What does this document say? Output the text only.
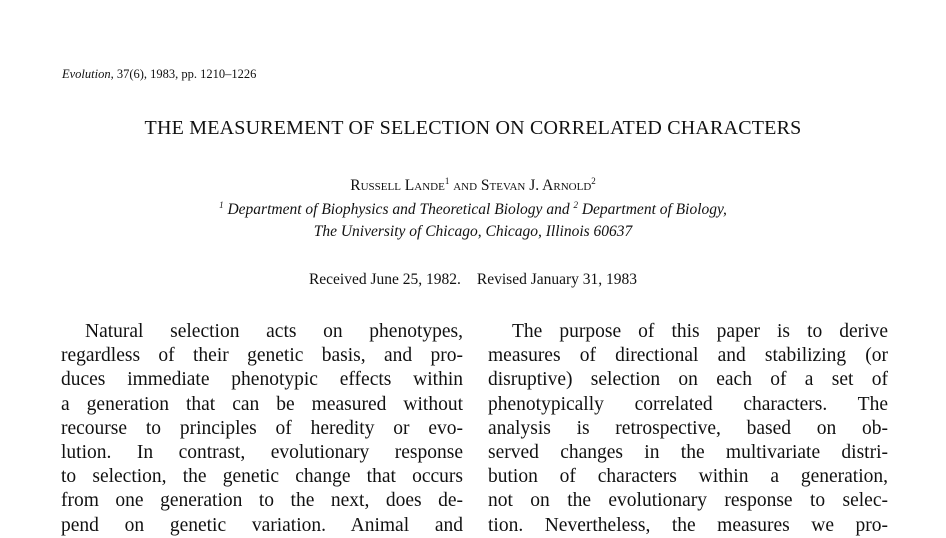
Evolution, 37(6), 1983, pp. 1210–1226
THE MEASUREMENT OF SELECTION ON CORRELATED CHARACTERS
Russell Lande$^1$ and Stevan J. Arnold$^2$
$^1$ Department of Biophysics and Theoretical Biology and $^2$ Department of Biology,
The University of Chicago, Chicago, Illinois 60637
Received June 25, 1982. Revised January 31, 1983
Natural selection acts on phenotypes,
regardless of their genetic basis, and pro-
duces immediate phenotypic effects within
a generation that can be measured without
recourse to principles of heredity or evo-
lution. In contrast, evolutionary response
to selection, the genetic change that occurs
from one generation to the next, does de-
pend on genetic variation. Animal and
The purpose of this paper is to derive
measures of directional and stabilizing (or
disruptive) selection on each of a set of
phenotypically correlated characters. The
analysis is retrospective, based on ob-
served changes in the multivariate distri-
bution of characters within a generation,
not on the evolutionary response to selec-
tion. Nevertheless, the measures we pro-
